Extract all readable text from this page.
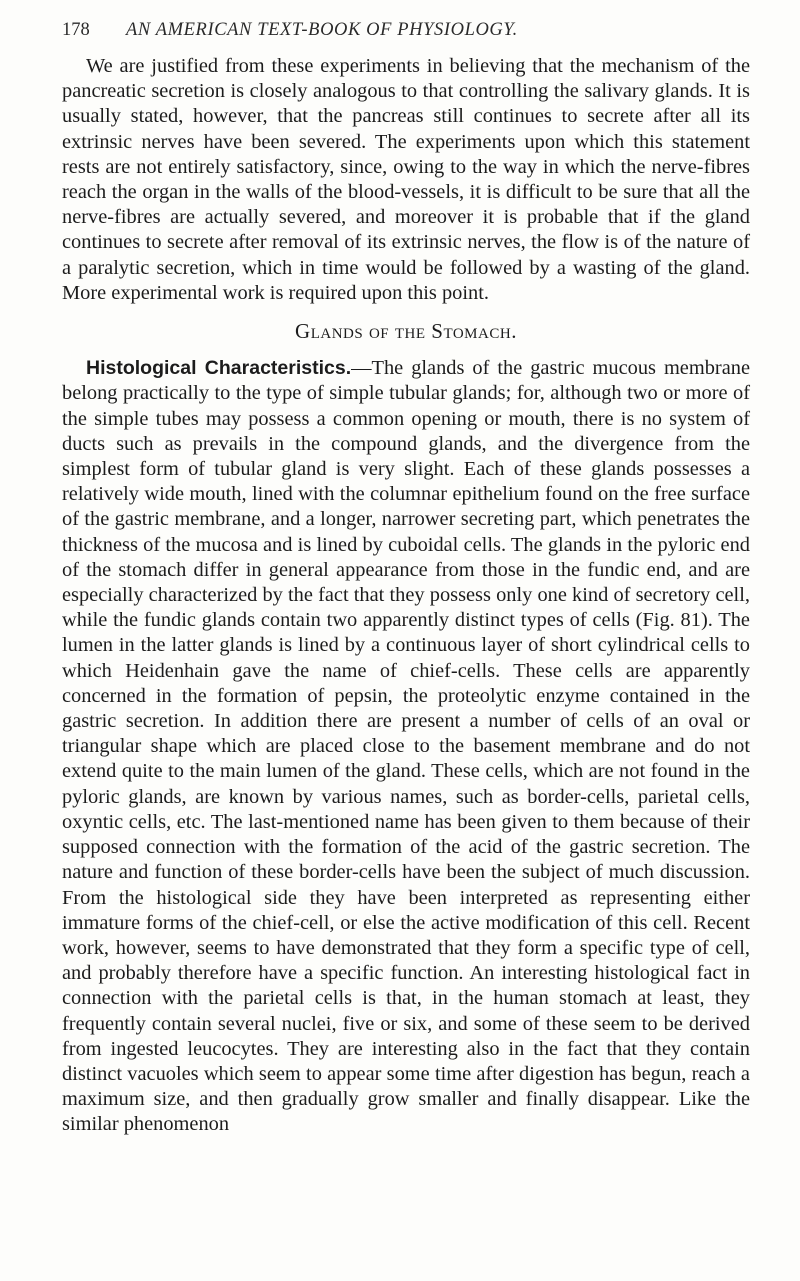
178	AN AMERICAN TEXT-BOOK OF PHYSIOLOGY.

We are justified from these experiments in believing that the mechanism of the pancreatic secretion is closely analogous to that controlling the salivary glands. It is usually stated, however, that the pancreas still continues to secrete after all its extrinsic nerves have been severed. The experiments upon which this statement rests are not entirely satisfactory, since, owing to the way in which the nerve-fibres reach the organ in the walls of the blood-vessels, it is difficult to be sure that all the nerve-fibres are actually severed, and moreover it is probable that if the gland continues to secrete after removal of its extrinsic nerves, the flow is of the nature of a paralytic secretion, which in time would be followed by a wasting of the gland. More experimental work is required upon this point.

Glands of the Stomach.

Histological Characteristics.—The glands of the gastric mucous membrane belong practically to the type of simple tubular glands; for, although two or more of the simple tubes may possess a common opening or mouth, there is no system of ducts such as prevails in the compound glands, and the divergence from the simplest form of tubular gland is very slight. Each of these glands possesses a relatively wide mouth, lined with the columnar epithelium found on the free surface of the gastric membrane, and a longer, narrower secreting part, which penetrates the thickness of the mucosa and is lined by cuboidal cells. The glands in the pyloric end of the stomach differ in general appearance from those in the fundic end, and are especially characterized by the fact that they possess only one kind of secretory cell, while the fundic glands contain two apparently distinct types of cells (Fig. 81). The lumen in the latter glands is lined by a continuous layer of short cylindrical cells to which Heidenhain gave the name of chief-cells. These cells are apparently concerned in the formation of pepsin, the proteolytic enzyme contained in the gastric secretion. In addition there are present a number of cells of an oval or triangular shape which are placed close to the basement membrane and do not extend quite to the main lumen of the gland. These cells, which are not found in the pyloric glands, are known by various names, such as border-cells, parietal cells, oxyntic cells, etc. The last-mentioned name has been given to them because of their supposed connection with the formation of the acid of the gastric secretion. The nature and function of these border-cells have been the subject of much discussion. From the histological side they have been interpreted as representing either immature forms of the chief-cell, or else the active modification of this cell. Recent work, however, seems to have demonstrated that they form a specific type of cell, and probably therefore have a specific function. An interesting histological fact in connection with the parietal cells is that, in the human stomach at least, they frequently contain several nuclei, five or six, and some of these seem to be derived from ingested leucocytes. They are interesting also in the fact that they contain distinct vacuoles which seem to appear some time after digestion has begun, reach a maximum size, and then gradually grow smaller and finally disappear. Like the similar phenomenon
